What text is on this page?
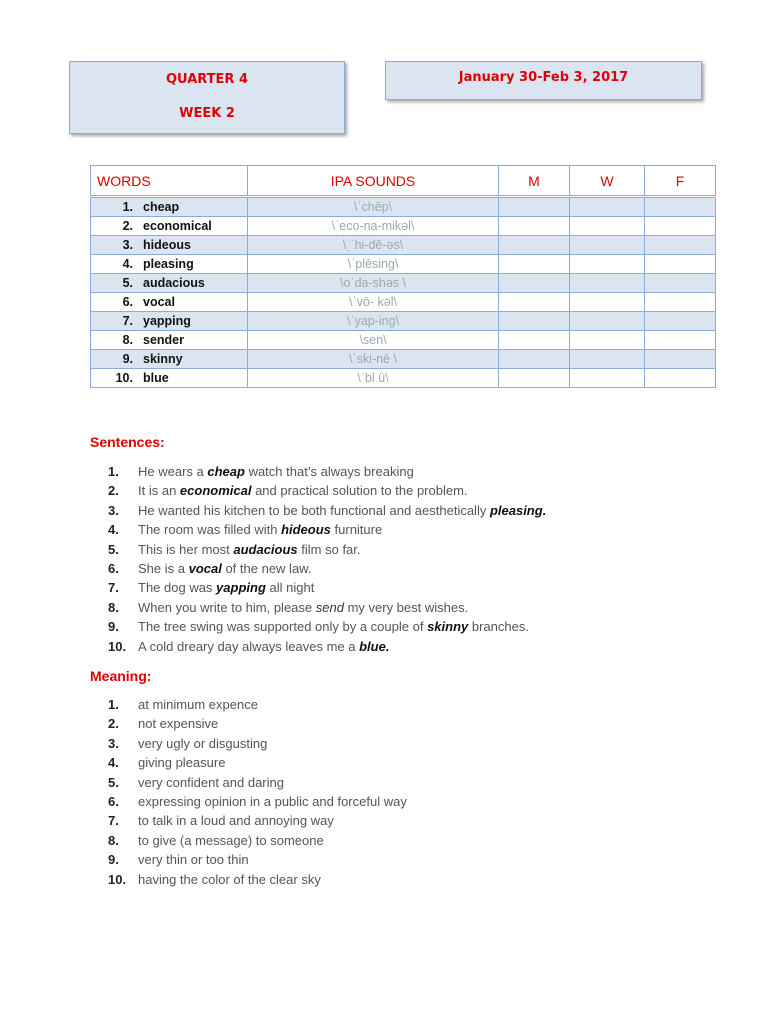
QUARTER 4
WEEK 2
January 30-Feb 3, 2017
WORDS	IPA SOUNDS	M	W	F

1. cheap	\ˈchēp\			
2. economical	\ˈeco-na-mikəl\			
3. hideous	\ˌˈhi-dē-əs\			
4. pleasing	\ˈplēsing\			
5. audacious	\oˈda-shəs \			
6. vocal	\ˈvō- kəl\			
7. yapping	\ˈyap-ing\			
8. sender	\sen\			
9. skinny	\ˈski-nē \			
10. blue	\ˈbl ü\			
Sentences:
1. He wears a cheap watch that’s always breaking
2. It is an economical and practical solution to the problem.
3. He wanted his kitchen to be both functional and aesthetically pleasing.
4. The room was filled with hideous furniture
5. This is her most audacious film so far.
6. She is a vocal of the new law.
7. The dog was yapping all night
8. When you write to him, please send my very best wishes.
9. The tree swing was supported only by a couple of skinny branches.
10. A cold dreary day always leaves me a blue.
Meaning:
1. at minimum expence
2. not expensive
3. very ugly or disgusting
4. giving pleasure
5. very confident and daring
6. expressing opinion in a public and forceful way
7. to talk in a loud and annoying way
8. to give (a message) to someone
9. very thin or too thin
10. having the color of the clear sky
